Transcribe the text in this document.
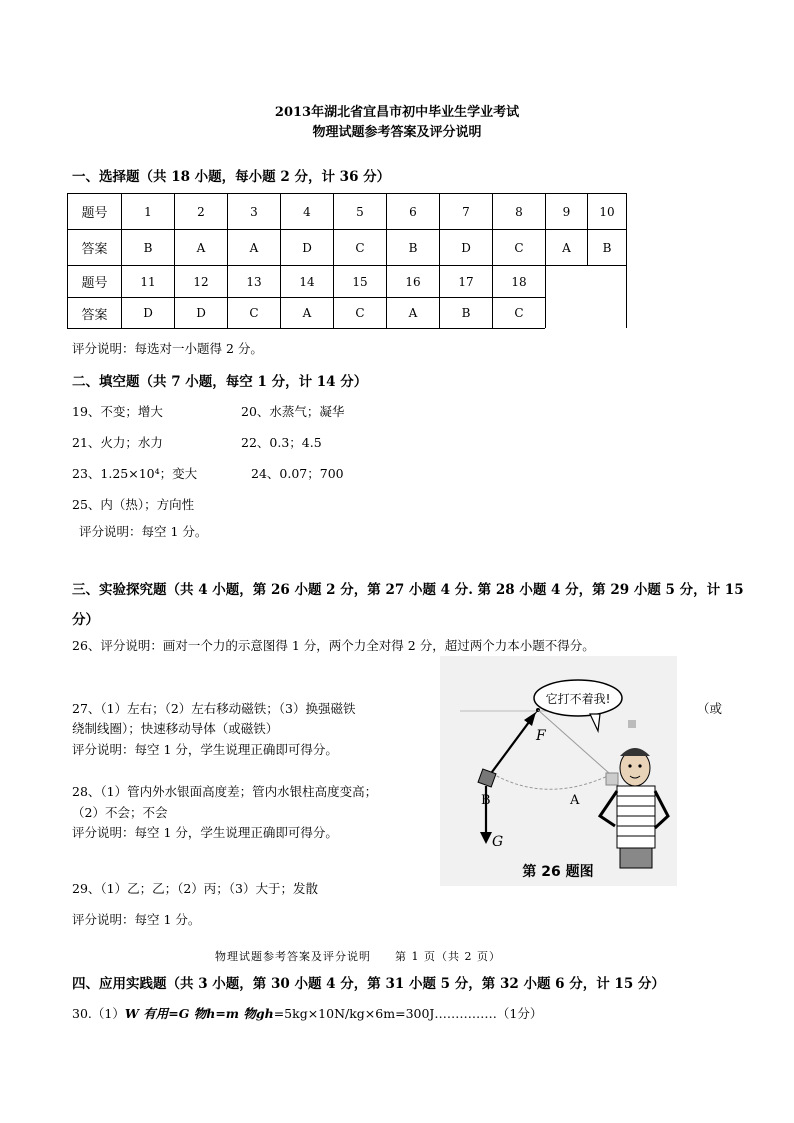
2013年湖北省宜昌市初中毕业生学业考试
物理试题参考答案及评分说明
一、选择题（共 18 小题，每小题 2 分，计 36 分）
题号	1	2	3	4	5	6	7	8	9	10
答案	B	A	A	D	C	B	D	C	A	B
题号	11	12	13	14	15	16	17	18		
答案	D	D	C	A	C	A	B	C		
评分说明：每选对一小题得 2 分。
二、填空题（共 7 小题，每空 1 分，计 14 分）
19、不变；增大	20、水蒸气；凝华
21、火力；水力	22、0.3；4.5
23、1.25×10⁴；变大	24、0.07；700
25、内（热）；方向性
评分说明：每空 1 分。
三、实验探究题（共 4 小题，第 26 小题 2 分，第 27 小题 4 分. 第 28 小题 4 分，第 29 小题 5 分，计 15
分）
26、评分说明：画对一个力的示意图得 1 分，两个力全对得 2 分，超过两个力本小题不得分。
27、（1）左右；（2）左右移动磁铁；（3）换强磁铁	（或
绕制线圈）；快速移动导体（或磁铁）
评分说明：每空 1 分，学生说理正确即可得分。
28、（1）管内外水银面高度差；管内水银柱高度变高；
（2）不会；不会
评分说明：每空 1 分，学生说理正确即可得分。
29、（1）乙；乙；（2）丙；（3）大于；发散
评分说明：每空 1 分。
它打不着我!
F
G
B	A
第 26 题图
物理试题参考答案及评分说明　　第 1 页（共 2 页）
四、应用实践题（共 3 小题，第 30 小题 4 分，第 31 小题 5 分，第 32 小题 6 分，计 15 分）
30.（1）W 有用=G 物h=m 物gh=5kg×10N/kg×6m=300J……………（1分）
